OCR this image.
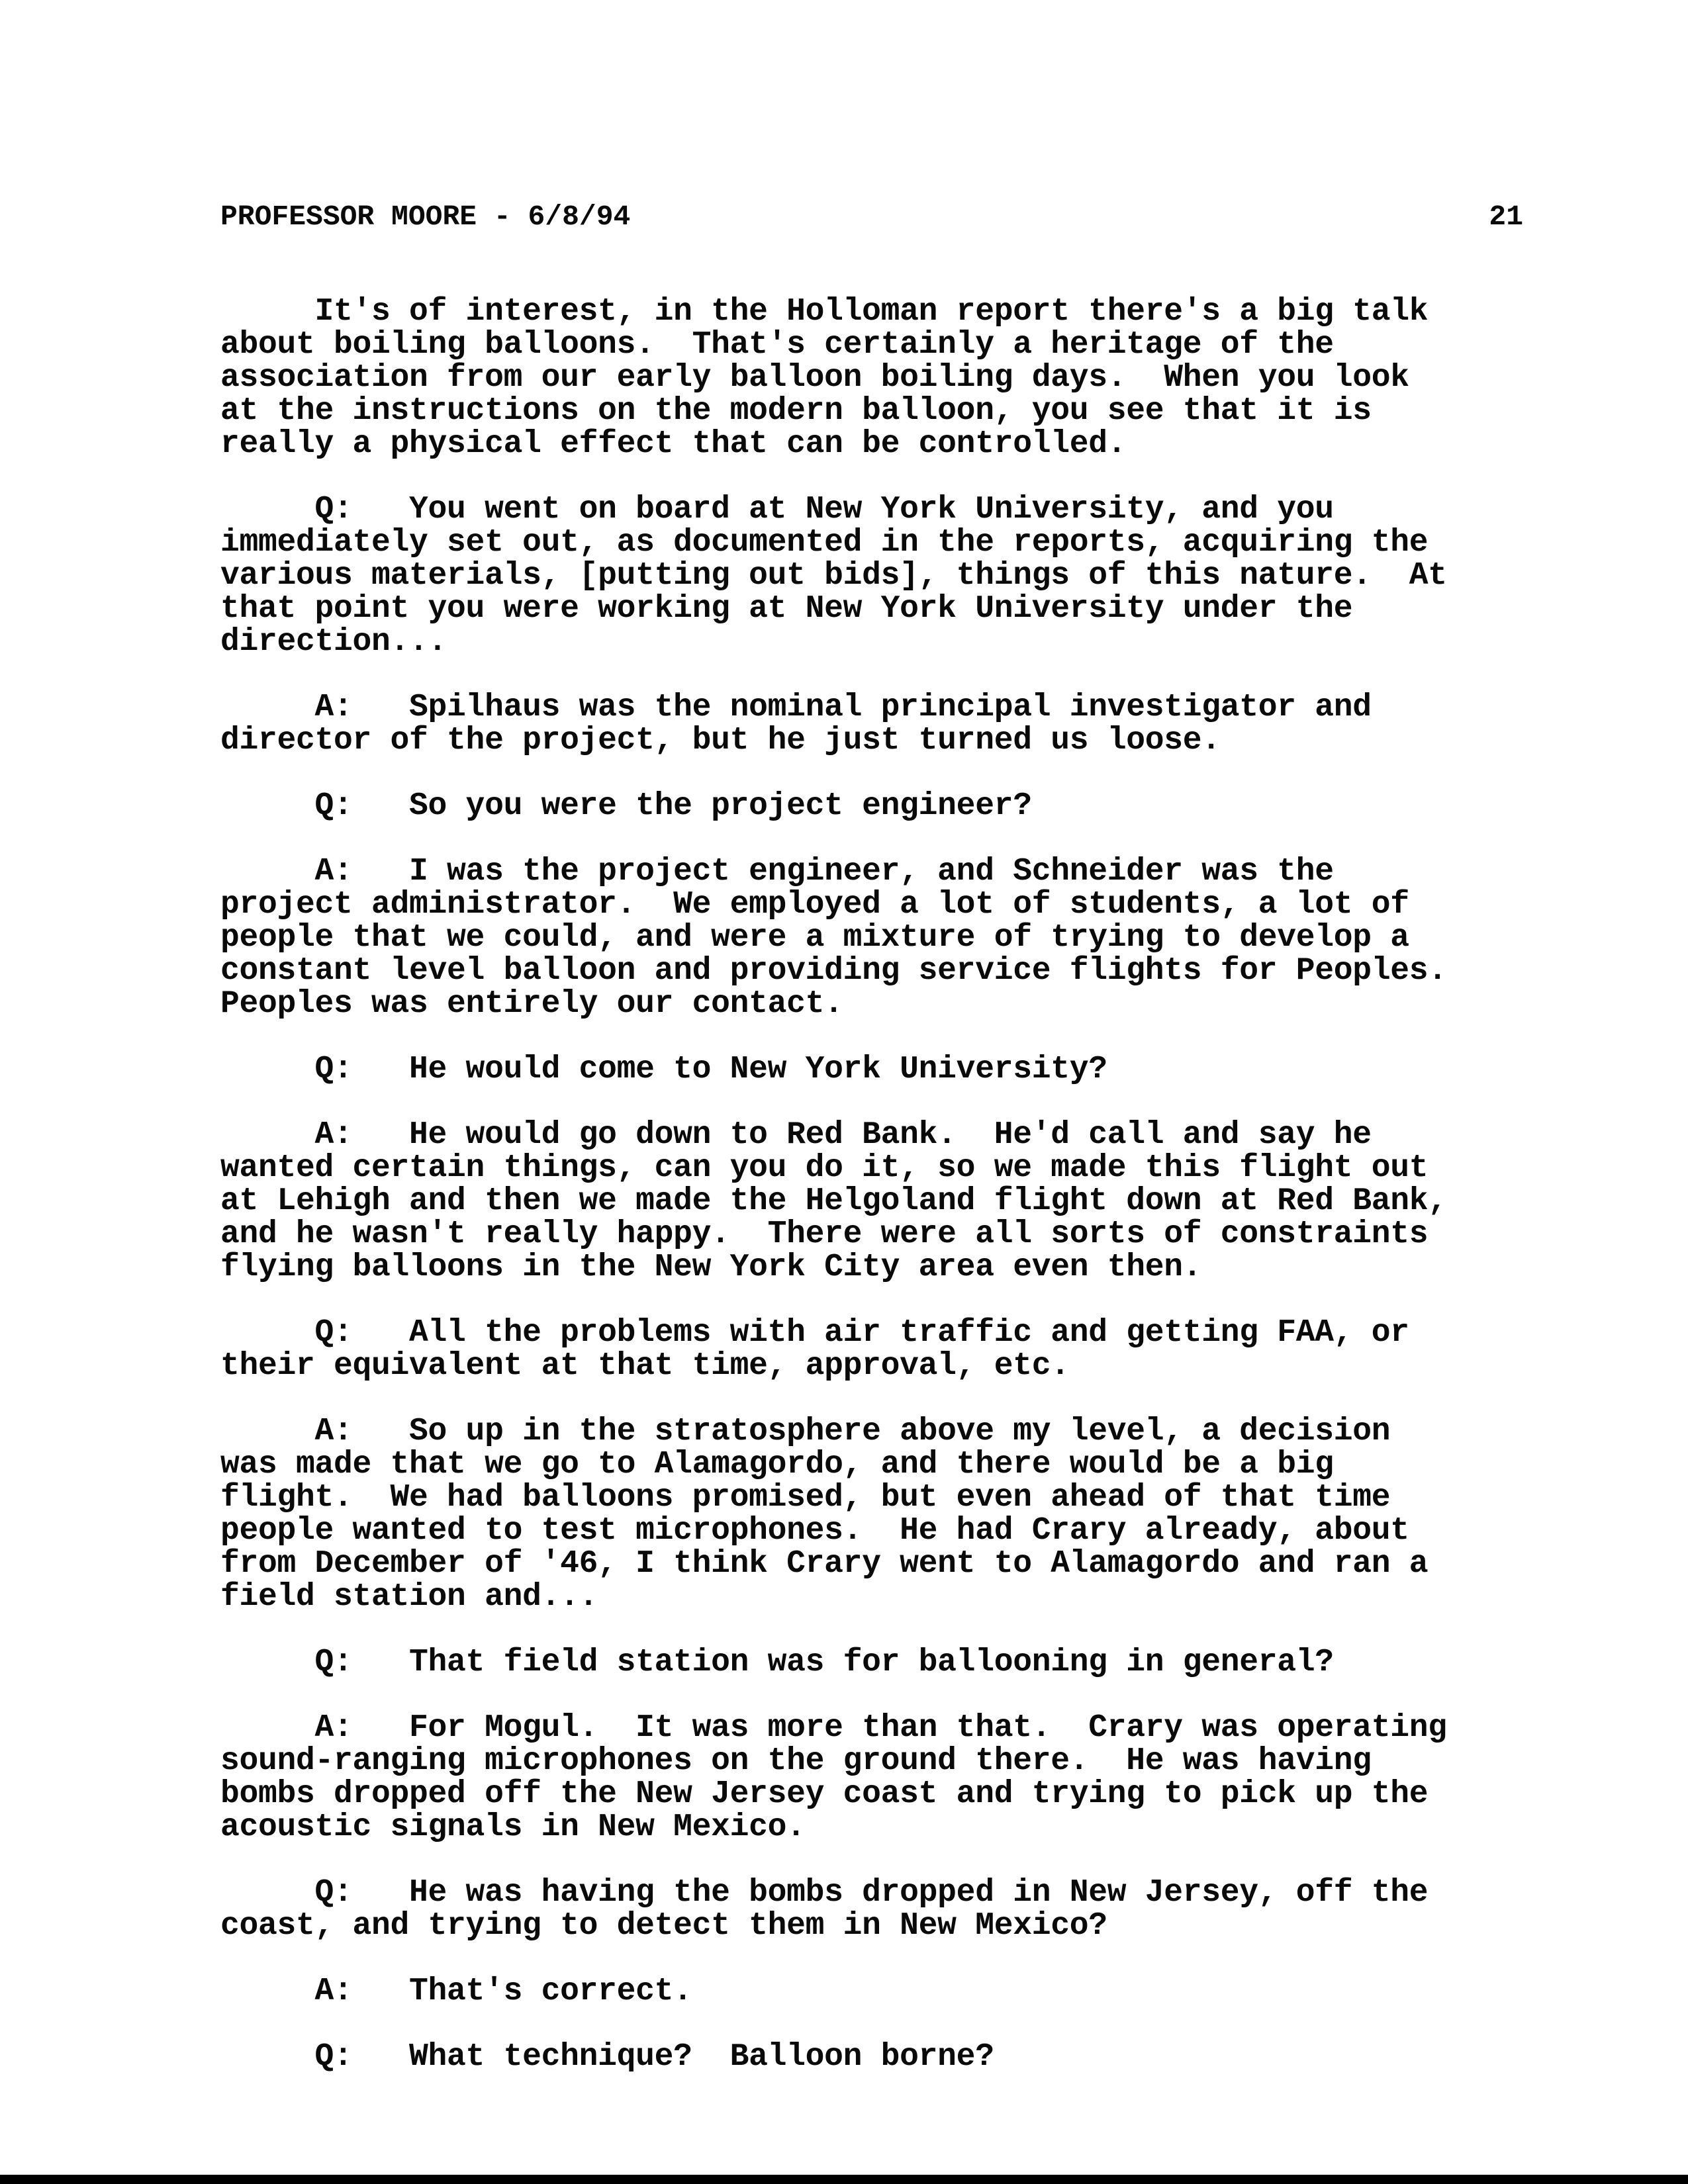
PROFESSOR MOORE - 6/8/94	21
It's of interest, in the Holloman report there's a big talk
about boiling balloons.  That's certainly a heritage of the
association from our early balloon boiling days.  When you look
at the instructions on the modern balloon, you see that it is
really a physical effect that can be controlled.
Q:   You went on board at New York University, and you
immediately set out, as documented in the reports, acquiring the
various materials, [putting out bids], things of this nature.  At
that point you were working at New York University under the
direction...
A:   Spilhaus was the nominal principal investigator and
director of the project, but he just turned us loose.
Q:   So you were the project engineer?
A:   I was the project engineer, and Schneider was the
project administrator.  We employed a lot of students, a lot of
people that we could, and were a mixture of trying to develop a
constant level balloon and providing service flights for Peoples.
Peoples was entirely our contact.
Q:   He would come to New York University?
A:   He would go down to Red Bank.  He'd call and say he
wanted certain things, can you do it, so we made this flight out
at Lehigh and then we made the Helgoland flight down at Red Bank,
and he wasn't really happy.  There were all sorts of constraints
flying balloons in the New York City area even then.
Q:   All the problems with air traffic and getting FAA, or
their equivalent at that time, approval, etc.
A:   So up in the stratosphere above my level, a decision
was made that we go to Alamagordo, and there would be a big
flight.  We had balloons promised, but even ahead of that time
people wanted to test microphones.  He had Crary already, about
from December of '46, I think Crary went to Alamagordo and ran a
field station and...
Q:   That field station was for ballooning in general?
A:   For Mogul.  It was more than that.  Crary was operating
sound-ranging microphones on the ground there.  He was having
bombs dropped off the New Jersey coast and trying to pick up the
acoustic signals in New Mexico.
Q:   He was having the bombs dropped in New Jersey, off the
coast, and trying to detect them in New Mexico?
A:   That's correct.
Q:   What technique?  Balloon borne?
